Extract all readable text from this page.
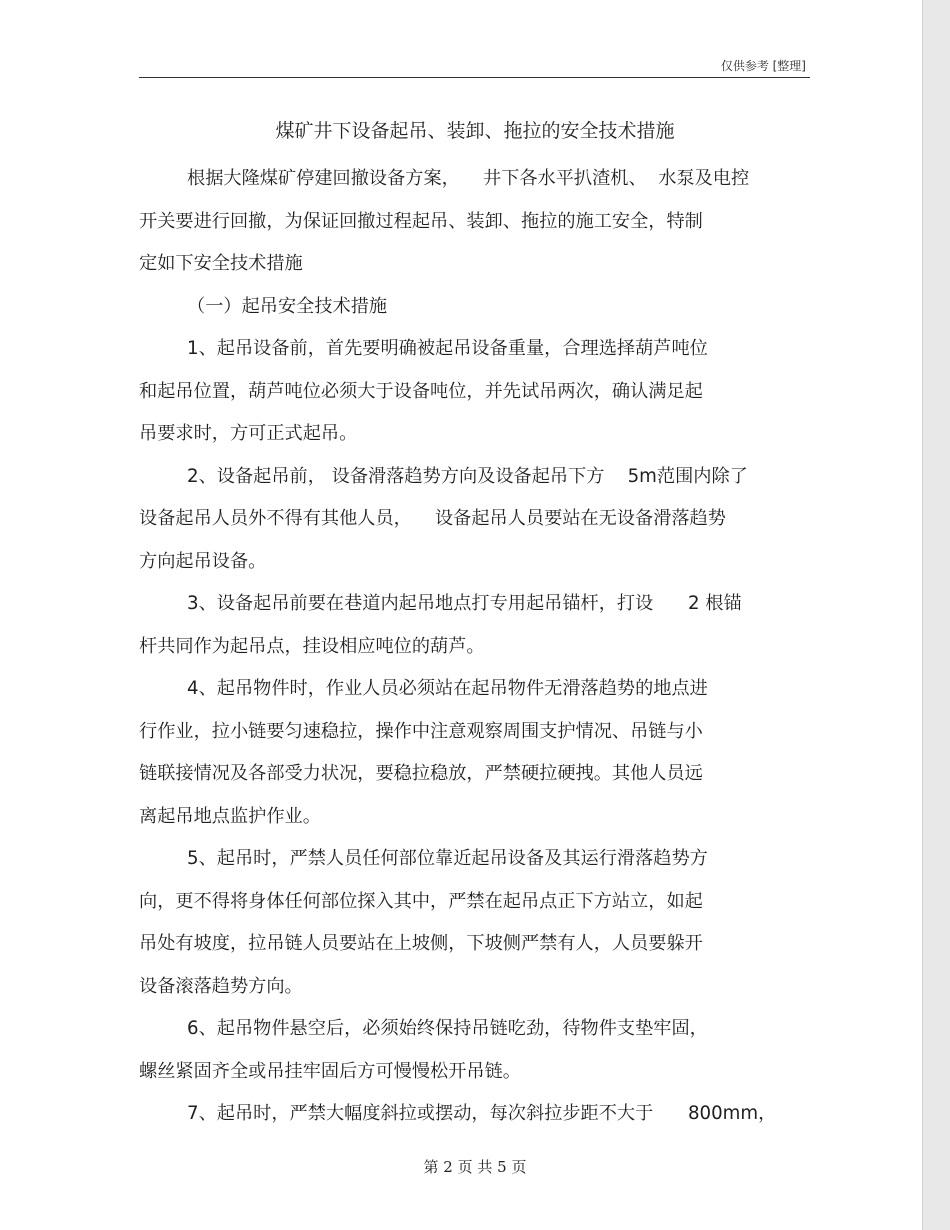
仅供参考 [整理]
煤矿井下设备起吊、装卸、拖拉的安全技术措施

根据大隆煤矿停建回撤设备方案，    井下各水平扒渣机、  水泵及电控

开关要进行回撤，为保证回撤过程起吊、装卸、拖拉的施工安全，特制

定如下安全技术措施

（一）起吊安全技术措施

1、起吊设备前，首先要明确被起吊设备重量，合理选择葫芦吨位

和起吊位置，葫芦吨位必须大于设备吨位，并先试吊两次，确认满足起

吊要求时，方可正式起吊。

2、设备起吊前， 设备滑落趋势方向及设备起吊下方    5m范围内除了

设备起吊人员外不得有其他人员，    设备起吊人员要站在无设备滑落趋势

方向起吊设备。

3、设备起吊前要在巷道内起吊地点打专用起吊锚杆，打设      2 根锚

杆共同作为起吊点，挂设相应吨位的葫芦。

4、起吊物件时，作业人员必须站在起吊物件无滑落趋势的地点进

行作业，拉小链要匀速稳拉，操作中注意观察周围支护情况、吊链与小

链联接情况及各部受力状况，要稳拉稳放，严禁硬拉硬拽。其他人员远

离起吊地点监护作业。

5、起吊时，严禁人员任何部位靠近起吊设备及其运行滑落趋势方

向，更不得将身体任何部位探入其中，严禁在起吊点正下方站立，如起

吊处有坡度，拉吊链人员要站在上坡侧，下坡侧严禁有人，人员要躲开

设备滚落趋势方向。

6、起吊物件悬空后，必须始终保持吊链吃劲，待物件支垫牢固，

螺丝紧固齐全或吊挂牢固后方可慢慢松开吊链。

7、起吊时，严禁大幅度斜拉或摆动，每次斜拉步距不大于      800mm，

第 2 页 共 5 页
